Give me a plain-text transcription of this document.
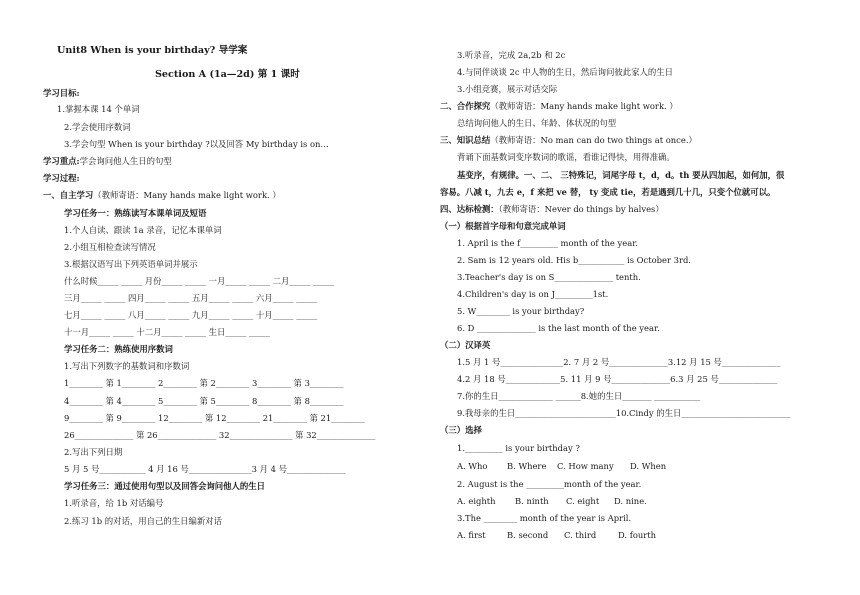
Unit8 When is your birthday? 导学案
Section A (1a—2d) 第 1 课时
学习目标:
1.掌握本课 14 个单词
2.学会使用序数词
3.学会句型 When is your birthday ?以及回答 My birthday is on…
学习重点:学会询问他人生日的句型
学习过程:
一、自主学习（教师寄语：Many hands make light work. ）
学习任务一：熟练读写本课单词及短语
1.个人自读、跟读 1a 录音，记忆本课单词
2.小组互相检查读写情况
3.根据汉语写出下列英语单词并展示
什么时候_____ _____ 月份_____ _____ 一月_____ _____ 二月_____ _____
三月_____ _____ 四月_____ _____ 五月_____ _____ 六月_____ _____
七月_____ _____ 八月_____ _____ 九月_____ _____ 十月_____ _____
十一月_____ _____ 十二月_____ _____ 生日_____ _____
学习任务二：熟练使用序数词
1.写出下列数字的基数词和序数词
1________ 第 1________ 2________ 第 2________ 3________ 第 3________
4________ 第 4________ 5________ 第 5________ 8________ 第 8________
9________ 第 9________ 12________ 第 12________ 21________ 第 21________
26______________ 第 26______________ 32_______________ 第 32______________
2.写出下列日期
5 月 5 号___________ 4 月 16 号_______________3 月 4 号______________
学习任务三：通过使用句型以及回答会询问他人的生日
1.听录音，给 1b 对话编号
2.练习 1b 的对话，用自己的生日编新对话
3.听录音，完成 2a,2b 和 2c
4.与同伴谈谈 2c 中人物的生日，然后询问彼此家人的生日
3.小组竞赛，展示对话交际
二、合作探究（教师寄语：Many hands make light work. ）
总结询问他人的生日、年龄、体状况的句型
三、知识总结（教师寄语：No man can do two things at once.）
背诵下面基数词变序数词的歌谣，看谁记得快，用得准确。
基变序，有规律。一、二、 三特殊记，词尾字母 t，d，d。th 要从四加起，如何加，很
容易。八减 t，九去 e，f 来把 ve 替， ty 变成 tie，若是遇到几十几，只变个位就可以。
四、达标检测：（教师寄语：Never do things by halves）
（一）根据首字母和句意完成单词
1. April is the f_________ month of the year.
2. Sam is 12 years old. His b___________ is October 3rd.
3.Teacher's day is on S______________ tenth.
4.Children's day is on J_________1st.
5. W________ is your birthday?
6. D ______________ is the last month of the year.
（二）汉译英
1.5 月 1 号_______________2. 7 月 2 号______________3.12 月 15 号______________
4.2 月 18 号_____________5. 11 月 9 号______________6.3 月 25 号______________
7.你的生日_____________ ______8.她的生日_______ ___________
9.我母亲的生日________________________10.Cindy 的生日__________________________
（三）选择
1._________ is your birthday ?
A. Who B. Where C. How many D. When
2. August is the _________month of the year.
A. eighth B. ninth C. eight D. nine.
3.The ________ month of the year is April.
A. first	B. second C. third	D. fourth
